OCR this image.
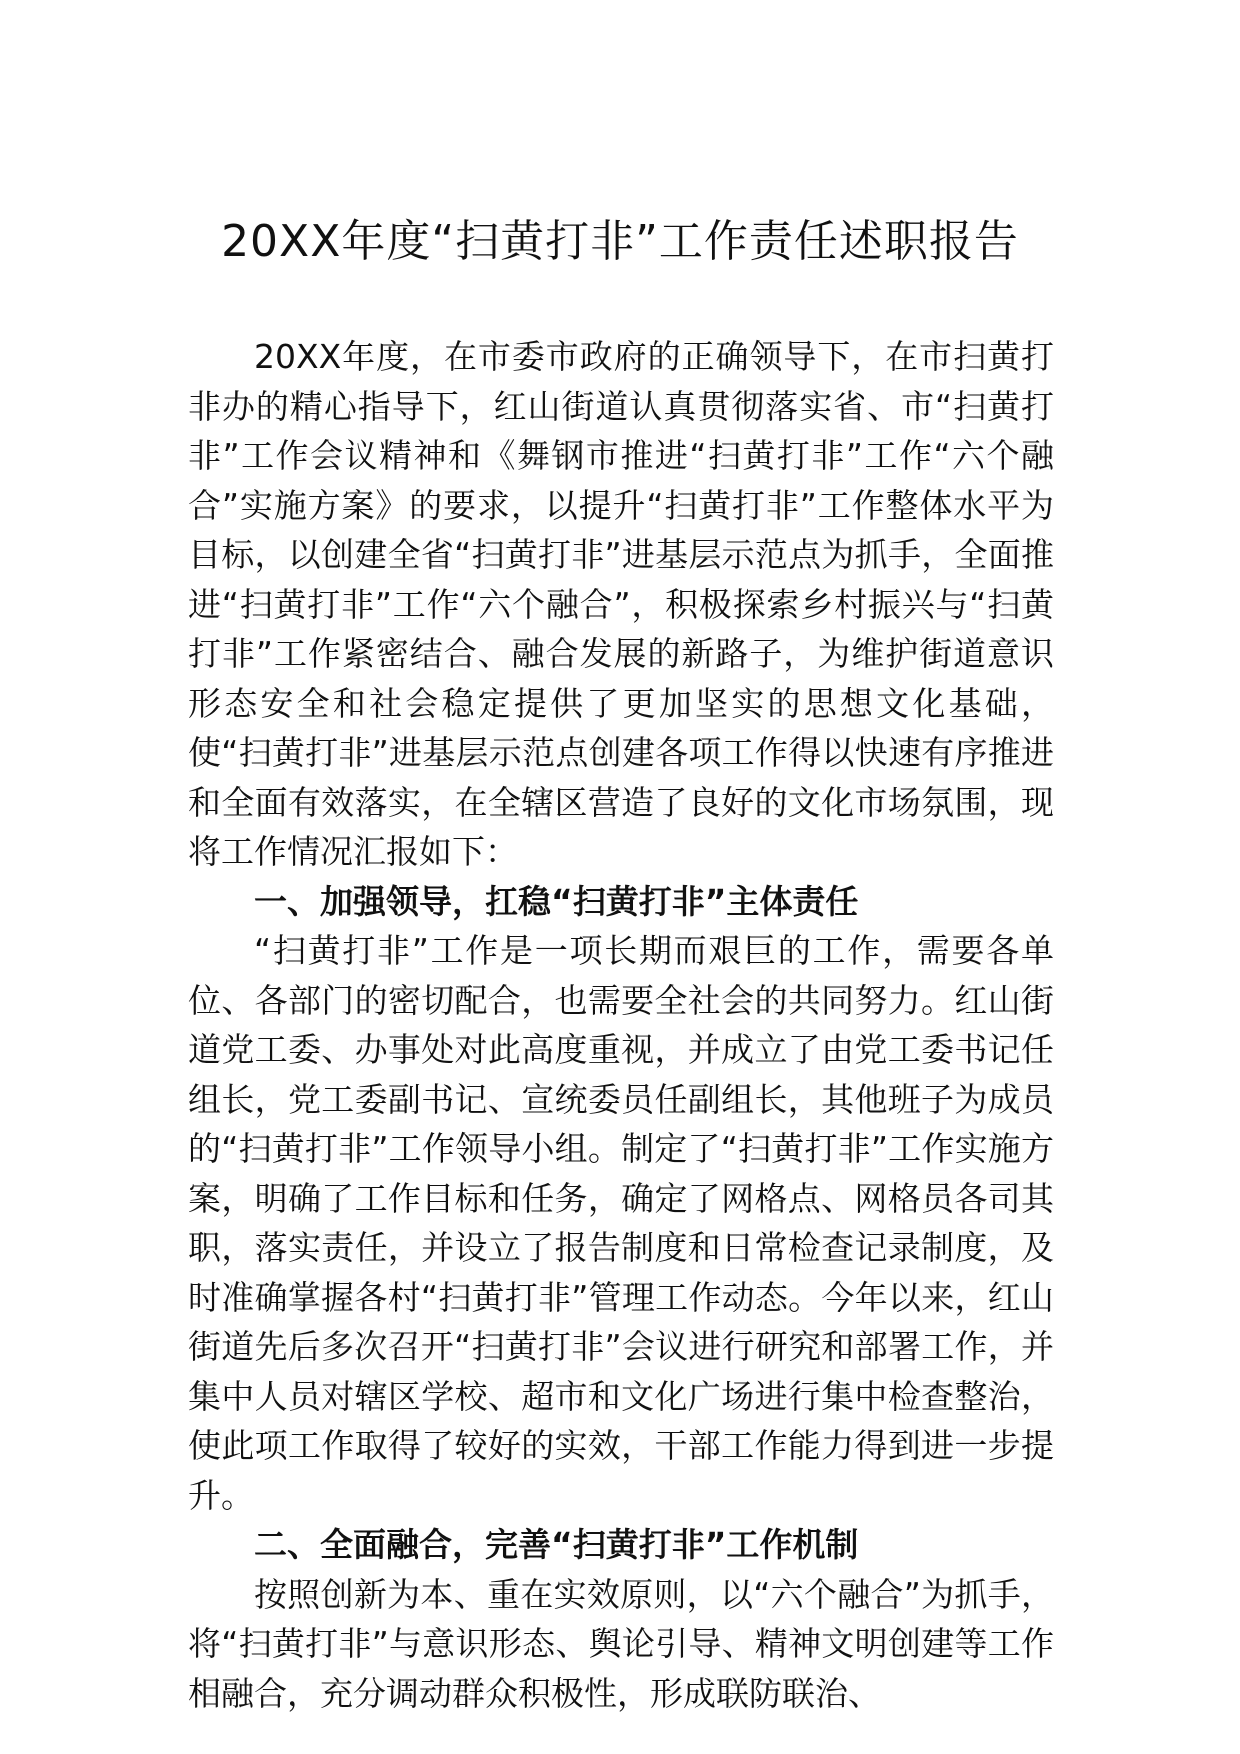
20XX年度“扫黄打非”工作责任述职报告

20XX年度，在市委市政府的正确领导下，在市扫黄打非办的精心指导下，红山街道认真贯彻落实省、市“扫黄打非”工作会议精神和《舞钢市推进“扫黄打非”工作“六个融合”实施方案》的要求，以提升“扫黄打非”工作整体水平为目标，以创建全省“扫黄打非”进基层示范点为抓手，全面推进“扫黄打非”工作“六个融合”，积极探索乡村振兴与“扫黄打非”工作紧密结合、融合发展的新路子，为维护街道意识形态安全和社会稳定提供了更加坚实的思想文化基础，使“扫黄打非”进基层示范点创建各项工作得以快速有序推进和全面有效落实，在全辖区营造了良好的文化市场氛围，现将工作情况汇报如下：

一、加强领导，扛稳“扫黄打非”主体责任

“扫黄打非”工作是一项长期而艰巨的工作，需要各单位、各部门的密切配合，也需要全社会的共同努力。红山街道党工委、办事处对此高度重视，并成立了由党工委书记任组长，党工委副书记、宣统委员任副组长，其他班子为成员的“扫黄打非”工作领导小组。制定了“扫黄打非”工作实施方案，明确了工作目标和任务，确定了网格点、网格员各司其职，落实责任，并设立了报告制度和日常检查记录制度，及时准确掌握各村“扫黄打非”管理工作动态。今年以来，红山街道先后多次召开“扫黄打非”会议进行研究和部署工作，并集中人员对辖区学校、超市和文化广场进行集中检查整治，使此项工作取得了较好的实效，干部工作能力得到进一步提升。

二、全面融合，完善“扫黄打非”工作机制

按照创新为本、重在实效原则，以“六个融合”为抓手，将“扫黄打非”与意识形态、舆论引导、精神文明创建等工作相融合，充分调动群众积极性，形成联防联治、
